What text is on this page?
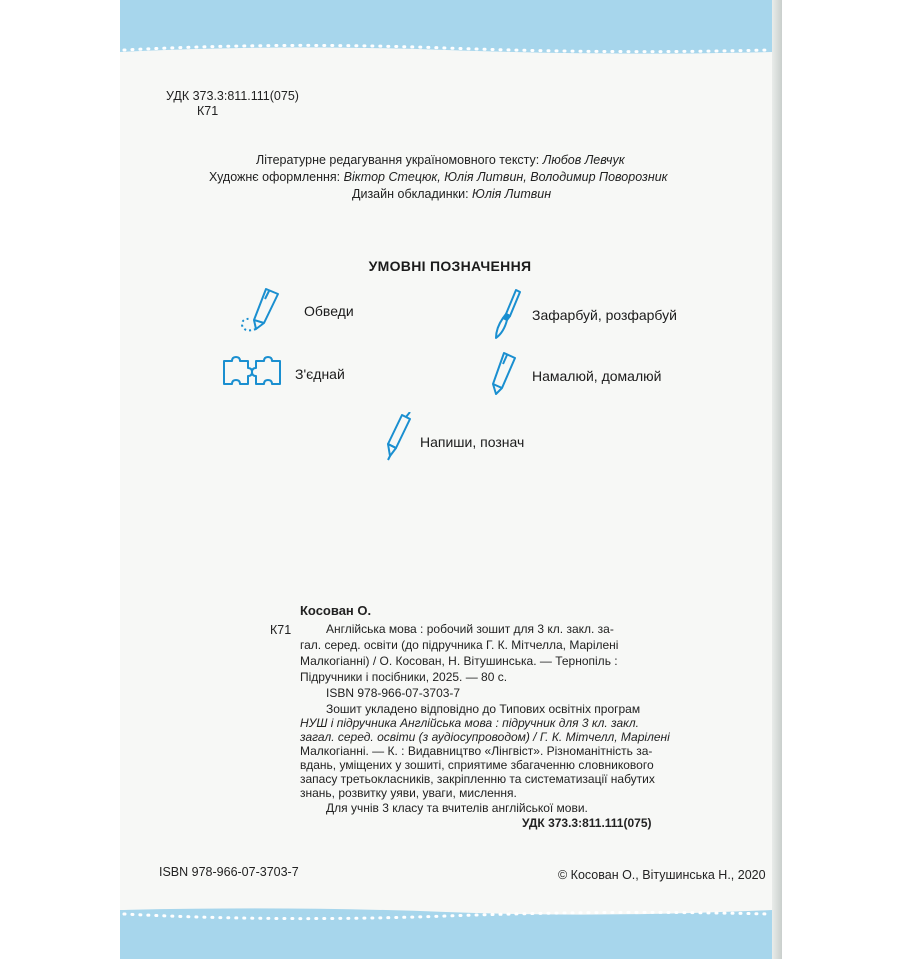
УДК 373.3:811.111(075)
К71
Літературне редагування україномовного тексту: Любов Левчук
Художнє оформлення: Віктор Стецюк, Юлія Литвин, Володимир Поворозник
Дизайн обкладинки: Юлія Литвин
УМОВНІ ПОЗНАЧЕННЯ
Обведи	Зафарбуй, розфарбуй
З'єднай	Намалюй, домалюй
Напиши, познач
Косован О.
К71	Англійська мова : робочий зошит для 3 кл. закл. за-
гал. серед. освіти (до підручника Г. К. Мітчелла, Марілені
Малкогіанні) / О. Косован, Н. Вітушинська. — Тернопіль :
Підручники і посібники, 2025. — 80 с.
ISBN 978-966-07-3703-7
Зошит укладено відповідно до Типових освітніх програм
НУШ і підручника Англійська мова : підручник для 3 кл. закл.
загал. серед. освіти (з аудіосупроводом) / Г. К. Мітчелл, Марілені
Малкогіанні. — К. : Видавництво «Лінгвіст». Різноманітність за-
вдань, уміщених у зошиті, сприятиме збагаченню словникового
запасу третьокласників, закріпленню та систематизації набутих
знань, розвитку уяви, уваги, мислення.
Для учнів 3 класу та вчителів англійської мови.
УДК 373.3:811.111(075)
ISBN 978-966-07-3703-7	© Косован О., Вітушинська Н., 2020
